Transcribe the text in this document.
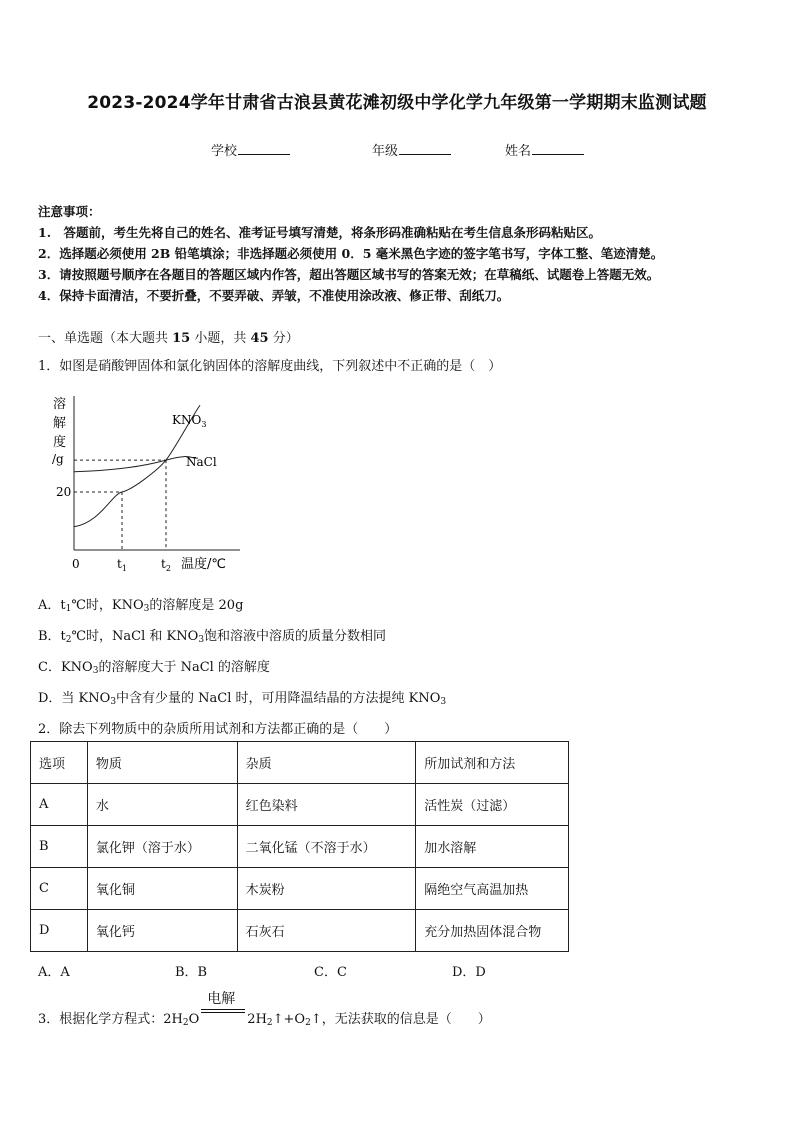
2023-2024学年甘肃省古浪县黄花滩初级中学化学九年级第一学期期末监测试题
学校	年级	姓名
注意事项：
1.　答题前，考生先将自己的姓名、准考证号填写清楚，将条形码准确粘贴在考生信息条形码粘贴区。
2．选择题必须使用 2B 铅笔填涂；非选择题必须使用 0．5 毫米黑色字迹的签字笔书写，字体工整、笔迹清楚。
3．请按照题号顺序在各题目的答题区域内作答，超出答题区域书写的答案无效；在草稿纸、试题卷上答题无效。
4．保持卡面清洁，不要折叠，不要弄破、弄皱，不准使用涂改液、修正带、刮纸刀。
一、单选题（本大题共 15 小题，共 45 分）
1．如图是硝酸钾固体和氯化钠固体的溶解度曲线，下列叙述中不正确的是（　）
溶
解
度
/g
20
$t_1$	$t_2$
$KNO_3$
NaCl
0	温度/℃
A．$t_1℃$时，$KNO_3$的溶解度是 20g
B．$t_2℃$时，NaCl 和 $KNO_3$饱和溶液中溶质的质量分数相同
C．$KNO_3$的溶解度大于 NaCl 的溶解度
D．当 $KNO_3$中含有少量的 NaCl 时，可用降温结晶的方法提纯 $KNO_3$
2．除去下列物质中的杂质所用试剂和方法都正确的是（　　）
选项	物质	杂质	所加试剂和方法
A	水	红色染料	活性炭（过滤）
B	氯化钾（溶于水）	二氧化锰（不溶于水）	加水溶解
C	氧化铜	木炭粉	隔绝空气高温加热
D	氧化钙	石灰石	充分加热固体混合物
A．A	B．B	C．C	D．D
3．根据化学方程式：$2H_2O$
电解
$2H_2↑+O_2↑$，无法获取的信息是（　　）
